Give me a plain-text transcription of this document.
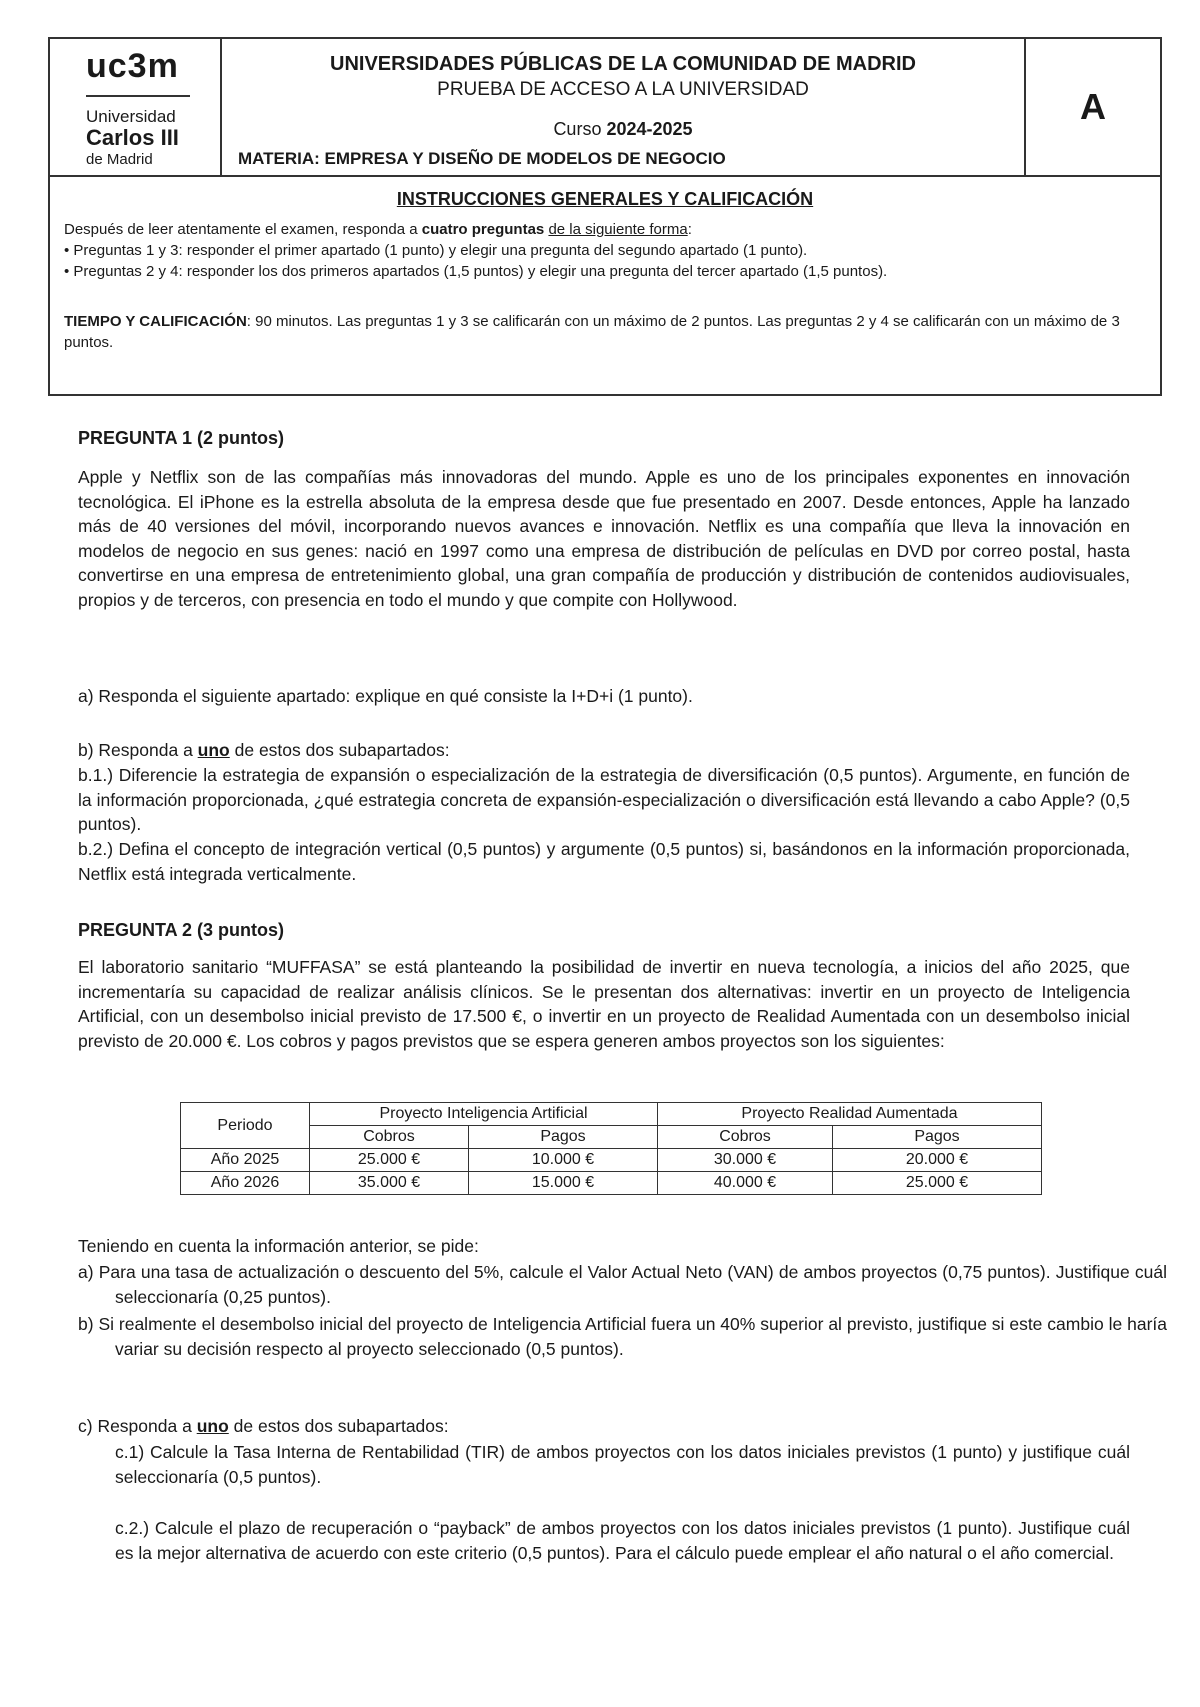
uc3m
Universidad
Carlos III
de Madrid
UNIVERSIDADES PÚBLICAS DE LA COMUNIDAD DE MADRID
PRUEBA DE ACCESO A LA UNIVERSIDAD
Curso 2024-2025
MATERIA: EMPRESA Y DISEÑO DE MODELOS DE NEGOCIO
A
INSTRUCCIONES GENERALES Y CALIFICACIÓN
Después de leer atentamente el examen, responda a cuatro preguntas de la siguiente forma:
• Preguntas 1 y 3: responder el primer apartado (1 punto) y elegir una pregunta del segundo apartado (1 punto).
• Preguntas 2 y 4: responder los dos primeros apartados (1,5 puntos) y elegir una pregunta del tercer apartado (1,5 puntos).
TIEMPO Y CALIFICACIÓN: 90 minutos. Las preguntas 1 y 3 se calificarán con un máximo de 2 puntos. Las preguntas 2 y 4 se calificarán con un máximo de 3 puntos.
PREGUNTA 1 (2 puntos)
Apple y Netflix son de las compañías más innovadoras del mundo. Apple es uno de los principales exponentes en innovación tecnológica. El iPhone es la estrella absoluta de la empresa desde que fue presentado en 2007. Desde entonces, Apple ha lanzado más de 40 versiones del móvil, incorporando nuevos avances e innovación. Netflix es una compañía que lleva la innovación en modelos de negocio en sus genes: nació en 1997 como una empresa de distribución de películas en DVD por correo postal, hasta convertirse en una empresa de entretenimiento global, una gran compañía de producción y distribución de contenidos audiovisuales, propios y de terceros, con presencia en todo el mundo y que compite con Hollywood.
a) Responda el siguiente apartado: explique en qué consiste la I+D+i (1 punto).
b) Responda a uno de estos dos subapartados:
b.1.) Diferencie la estrategia de expansión o especialización de la estrategia de diversificación (0,5 puntos). Argumente, en función de la información proporcionada, ¿qué estrategia concreta de expansión-especialización o diversificación está llevando a cabo Apple? (0,5 puntos).
b.2.) Defina el concepto de integración vertical (0,5 puntos) y argumente (0,5 puntos) si, basándonos en la información proporcionada, Netflix está integrada verticalmente.
PREGUNTA 2 (3 puntos)
El laboratorio sanitario “MUFFASA” se está planteando la posibilidad de invertir en nueva tecnología, a inicios del año 2025, que incrementaría su capacidad de realizar análisis clínicos. Se le presentan dos alternativas: invertir en un proyecto de Inteligencia Artificial, con un desembolso inicial previsto de 17.500 €, o invertir en un proyecto de Realidad Aumentada con un desembolso inicial previsto de 20.000 €. Los cobros y pagos previstos que se espera generen ambos proyectos son los siguientes:
Periodo	Proyecto Inteligencia Artificial		Proyecto Realidad Aumentada	
	Cobros	Pagos	Cobros	Pagos
Año 2025	25.000 €	10.000 €	30.000 €	20.000 €
Año 2026	35.000 €	15.000 €	40.000 €	25.000 €
Teniendo en cuenta la información anterior, se pide:
a) Para una tasa de actualización o descuento del 5%, calcule el Valor Actual Neto (VAN) de ambos proyectos (0,75 puntos). Justifique cuál seleccionaría (0,25 puntos).
b) Si realmente el desembolso inicial del proyecto de Inteligencia Artificial fuera un 40% superior al previsto, justifique si este cambio le haría variar su decisión respecto al proyecto seleccionado (0,5 puntos).
c) Responda a uno de estos dos subapartados:
c.1) Calcule la Tasa Interna de Rentabilidad (TIR) de ambos proyectos con los datos iniciales previstos (1 punto) y justifique cuál seleccionaría (0,5 puntos).
c.2.) Calcule el plazo de recuperación o “payback” de ambos proyectos con los datos iniciales previstos (1 punto). Justifique cuál es la mejor alternativa de acuerdo con este criterio (0,5 puntos). Para el cálculo puede emplear el año natural o el año comercial.
